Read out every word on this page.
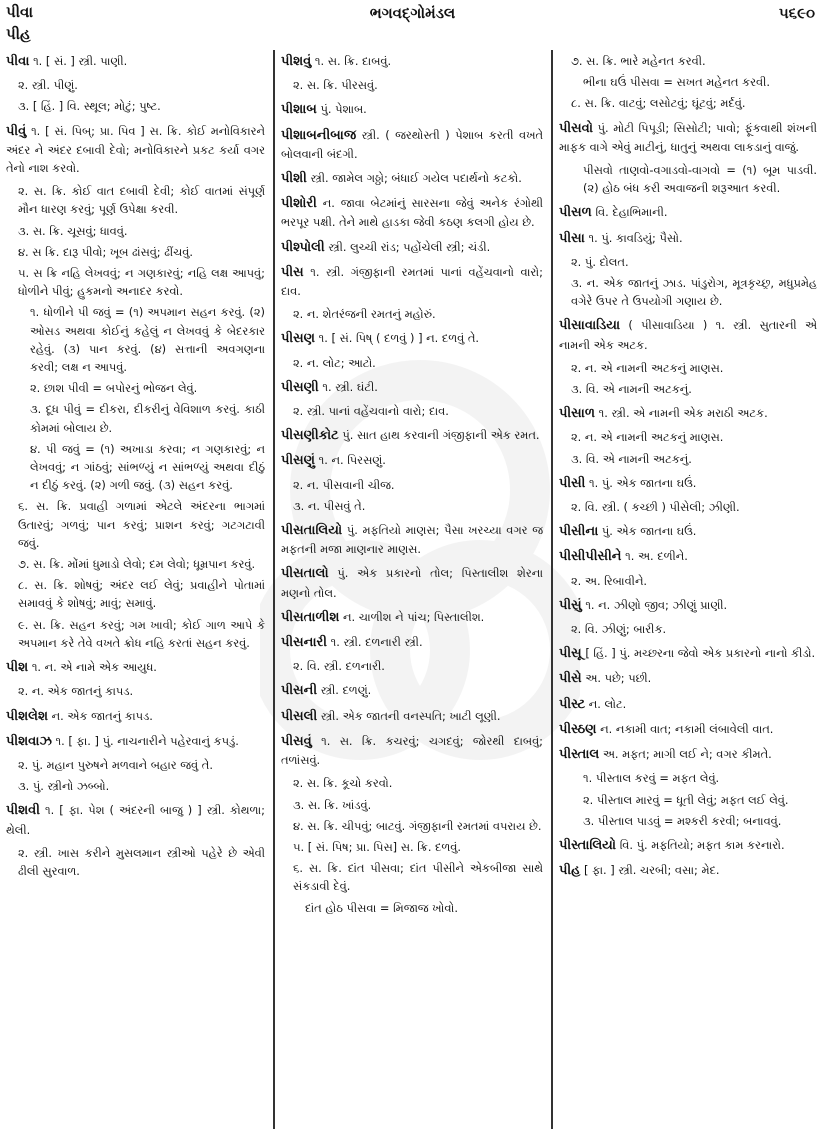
પીવા
પીહ
ભગવદ્ગોમંડલ	૫૬૯૦
પીવા ૧. [ સં. ] સ્ત્રી. પાણી.
૨. સ્ત્રી. પીણું.
૩. [ હિં. ] વિ. સ્થૂલ; મોટું; પુષ્ટ.
પીવું ૧. [ સં. પિબ્; પ્રા. પિવ ] સ. ક્રિ. કોઈ મનોવિકારને અંદર ને અંદર દબાવી દેવો; મનોવિકારને પ્રકટ કર્યા વગર તેનો નાશ કરવો.
૨. સ. ક્રિ. કોઈ વાત દબાવી દેવી; કોઈ વાતમાં સંપૂર્ણ મૌન ધારણ કરવું; પૂર્ણ ઉપેક્ષા કરવી.
૩. સ. ક્રિ. ચૂસવું; ધાવવું.
૪. સ ક્રિ. દારૂ પીવો; ખૂબ ઢાંસવું; ઢીંચવું.
૫. સ ક્રિ નહિ લેખવવું; ન ગણકારવું; નહિ લક્ષ આપવું; ધોળીને પીવું; હુકમનો અનાદર કરવો.
૧. ધોળીને પી જવું = (૧) અપમાન સહન કરવું. (૨) ઓસડ અથવા કોઈનું કહેલું ન લેખવવું કે બેદરકાર રહેવું. (૩) પાન કરવું. (૪) સત્તાની અવગણના કરવી; લક્ષ ન આપવું.
૨. છાશ પીવી = બપોરનું ભોજન લેવું.
૩. દૂધ પીવું = દીકરા, દીકરીનું વેવિશાળ કરવું. કાઠી કોમમાં બોલાય છે.
૪. પી જવું = (૧) અખાડા કરવા; ન ગણકારવું; ન લેખવવું; ન ગાંઠવું; સાંભળ્યું ન સાંભળ્યું અથવા દીઠું ન દીઠું કરવું. (૨) ગળી જવું. (૩) સહન કરવું.
૬. સ. ક્રિ. પ્રવાહી ગળામાં એટલે અંદરના ભાગમાં ઉતારવું; ગળવું; પાન કરવું; પ્રાશન કરવું; ગટગટાવી જવું.
૭. સ. ક્રિ. મોંમાં ધુમાડો લેવો; દમ લેવો; ધૂમ્રપાન કરવું.
૮. સ. ક્રિ. શોષવું; અંદર લઈ લેવું; પ્રવાહીને પોતામાં સમાવવું કે શોષવું; માવું; સમાવું.
૯. સ. ક્રિ. સહન કરવું; ગમ ખાવી; કોઈ ગાળ આપે કે અપમાન કરે તેવે વખતે ક્રોધ નહિ કરતાં સહન કરવું.
પીશ ૧. ન. એ નામે એક આયુધ.
૨. ન. એક જાતનું કાપડ.
પીશલેશ ન. એક જાતનું કાપડ.
પીશવાઝ ૧. [ ફા. ] પું. નાચનારીને પહેરવાનું કપડું.
૨. પું. મહાન પુરુષને મળવાને બહાર જવું તે.
૩. પું. સ્ત્રીનો ઝબ્બો.
પીશવી ૧. [ ફા. પેશ ( અંદરની બાજુ ) ] સ્ત્રી. કોથળા; થેલી.
૨. સ્ત્રી. ખાસ કરીને મુસલમાન સ્ત્રીઓ પહેરે છે એવી ઢીલી સુરવાળ.
પીશવું ૧. સ. ક્રિ. દાબવું.
૨. સ. ક્રિ. પીરસવું.
પીશાબ પું. પેશાબ.
પીશાબનીબાજ સ્ત્રી. ( જરથોસ્તી ) પેશાબ કરતી વખતે બોલવાની બંદગી.
પીશી સ્ત્રી. જામેલ ગઠ્ઠો; બંધાઈ ગયેલ પદાર્થનો કટકો.
પીશોરી ન. જાવા બેટમાંનું સારસના જેવું અનેક રંગોથી ભરપૂર પક્ષી. તેને માથે હાડકા જેવી કઠણ કલગી હોય છે.
પીશ્પોલી સ્ત્રી. લુચ્ચી રાંડ; પહોંચેલી સ્ત્રી; ચંડી.
પીસ ૧. સ્ત્રી. ગંજીફાની રમતમાં પાનાં વહેંચવાનો વારો; દાવ.
૨. ન. શેતરંજની રમતનું મહોરું.
પીસણ ૧. [ સં. પિષ્ ( દળવું ) ] ન. દળવું તે.
૨. ન. લોટ; આટો.
પીસણી ૧. સ્ત્રી. ઘંટી.
૨. સ્ત્રી. પાનાં વહેંચવાનો વારો; દાવ.
પીસણીકોટ પું. સાત હાથ કરવાની ગંજીફાની એક રમત.
પીસણું ૧. ન. પિરસણું.
૨. ન. પીસવાની ચીજ.
૩. ન. પીસવું તે.
પીસતાલિયો પું. મફતિયો માણસ; પૈસા ખરચ્યા વગર જ મફતની મજા માણનાર માણસ.
પીસતાલો પું. એક પ્રકારનો તોલ; પિસ્તાલીશ શેરના મણનો તોલ.
પીસતાળીશ ન. ચાળીશ ને પાંચ; પિસ્તાલીશ.
પીસનારી ૧. સ્ત્રી. દળનારી સ્ત્રી.
૨. વિ. સ્ત્રી. દળનારી.
પીસની સ્ત્રી. દળણું.
પીસલી સ્ત્રી. એક જાતની વનસ્પતિ; ખાટી લૂણી.
પીસવું ૧. સ. ક્રિ. કચરવું; ચગદવું; જોરથી દાબવું; તળાંસવું.
૨. સ. ક્રિ. કૂચો કરવો.
૩. સ. ક્રિ. ખાંડવું.
૪. સ. ક્રિ. ચીપવું; બાટવું. ગંજીફાની રમતમાં વપરાય છે.
૫. [ સં. પિષ; પ્રા. પિસ] સ. ક્રિ. દળવું.
૬. સ. ક્રિ. દાંત પીસવા; દાંત પીસીને એકબીજા સાથે સંકડાવી દેવું.
દાંત હોઠ પીસવા = મિજાજ ખોવો.
૭. સ. ક્રિ. ભારે મહેનત કરવી.
ભીના ઘઉં પીસવા = સખત મહેનત કરવી.
૮. સ. ક્રિ. વાટવું; લસોટવું; ઘૂંટવું; મર્દવું.
પીસવો પું. મોટી પિપૂડી; સિસોટી; પાવો; ફૂંકવાથી શંખની માફક વાગે એવું માટીનું, ધાતુનું અથવા લાકડાનું વાજું.
પીસવો તાણવો-વગાડવો-વાગવો = (૧) બૂમ પાડવી. (૨) હોઠ બંધ કરી અવાજની શરૂઆત કરવી.
પીસળ વિ. દેહાભિમાની.
પીસા ૧. પું. કાવડિયું; પૈસો.
૨. પું. દોલત.
૩. ન. એક જાતનું ઝાડ. પાંડુરોગ, મૂત્રકૃચ્છ્ર, મધુપ્રમેહ વગેરે ઉપર તે ઉપયોગી ગણાય છે.
પીસાવાડિયા ( પીસાવાડિયા ) ૧. સ્ત્રી. સુતારની એ નામની એક અટક.
૨. ન. એ નામની અટકનું માણસ.
૩. વિ. એ નામની અટકનું.
પીસાળ ૧. સ્ત્રી. એ નામની એક મરાઠી અટક.
૨. ન. એ નામની અટકનું માણસ.
૩. વિ. એ નામની અટકનું.
પીસી ૧. પું. એક જાતના ઘઉં.
૨. વિ. સ્ત્રી. ( કચ્છી ) પીસેલી; ઝીણી.
પીસીના પું. એક જાતના ઘઉં.
પીસીપીસીને ૧. અ. દળીને.
૨. અ. રિબાવીને.
પીસું ૧. ન. ઝીણો જીવ; ઝીણું પ્રાણી.
૨. વિ. ઝીણું; બારીક.
પીસૂ [ હિં. ] પું. મચ્છરના જેવો એક પ્રકારનો નાનો કીડો.
પીસે અ. પછે; પછી.
પીસ્ટ ન. લોટ.
પીસ્ઠણ ન. નકામી વાત; નકામી લંબાવેલી વાત.
પીસ્તાલ અ. મફત; માગી લઈ ને; વગર કીમતે.
૧. પીસ્તાલ કરવું = મફત લેવું.
૨. પીસ્તાલ મારવું = ધૂતી લેવું; મફત લઈ લેવું.
૩. પીસ્તાલ પાડવું = મશ્કરી કરવી; બનાવવું.
પીસ્તાલિયો વિ. પું. મફતિયો; મફત કામ કરનારો.
પીહ [ ફા. ] સ્ત્રી. ચરબી; વસા; મેદ.
